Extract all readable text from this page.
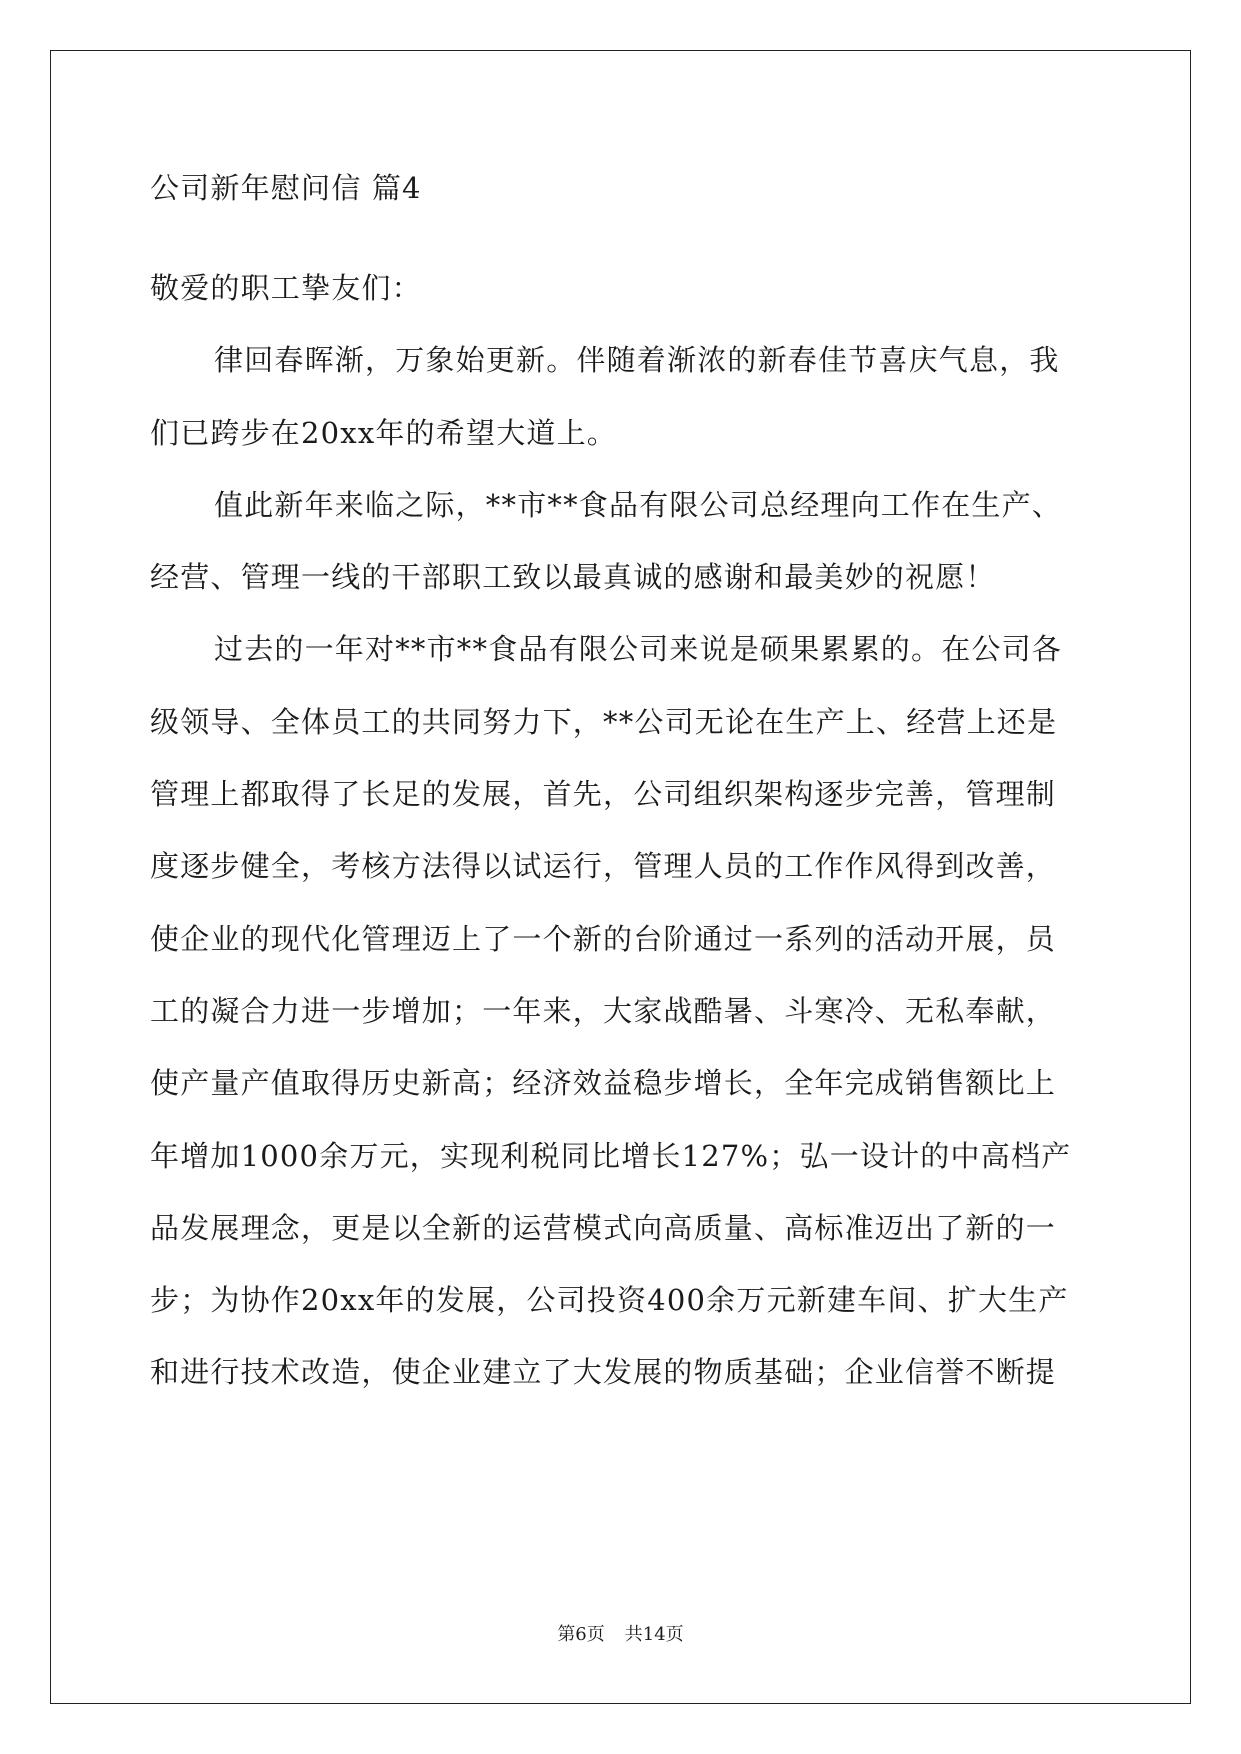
公司新年慰问信 篇4
敬爱的职工挚友们：
律回春晖渐，万象始更新。伴随着渐浓的新春佳节喜庆气息，我
们已跨步在20xx年的希望大道上。
值此新年来临之际，**市**食品有限公司总经理向工作在生产、
经营、管理一线的干部职工致以最真诚的感谢和最美妙的祝愿！
过去的一年对**市**食品有限公司来说是硕果累累的。在公司各
级领导、全体员工的共同努力下，**公司无论在生产上、经营上还是
管理上都取得了长足的发展，首先，公司组织架构逐步完善，管理制
度逐步健全，考核方法得以试运行，管理人员的工作作风得到改善，
使企业的现代化管理迈上了一个新的台阶通过一系列的活动开展，员
工的凝合力进一步增加；一年来，大家战酷暑、斗寒冷、无私奉献，
使产量产值取得历史新高；经济效益稳步增长，全年完成销售额比上
年增加1000余万元，实现利税同比增长127%；弘一设计的中高档产
品发展理念，更是以全新的运营模式向高质量、高标准迈出了新的一
步；为协作20xx年的发展，公司投资400余万元新建车间、扩大生产
和进行技术改造，使企业建立了大发展的物质基础；企业信誉不断提
第6页 共14页
